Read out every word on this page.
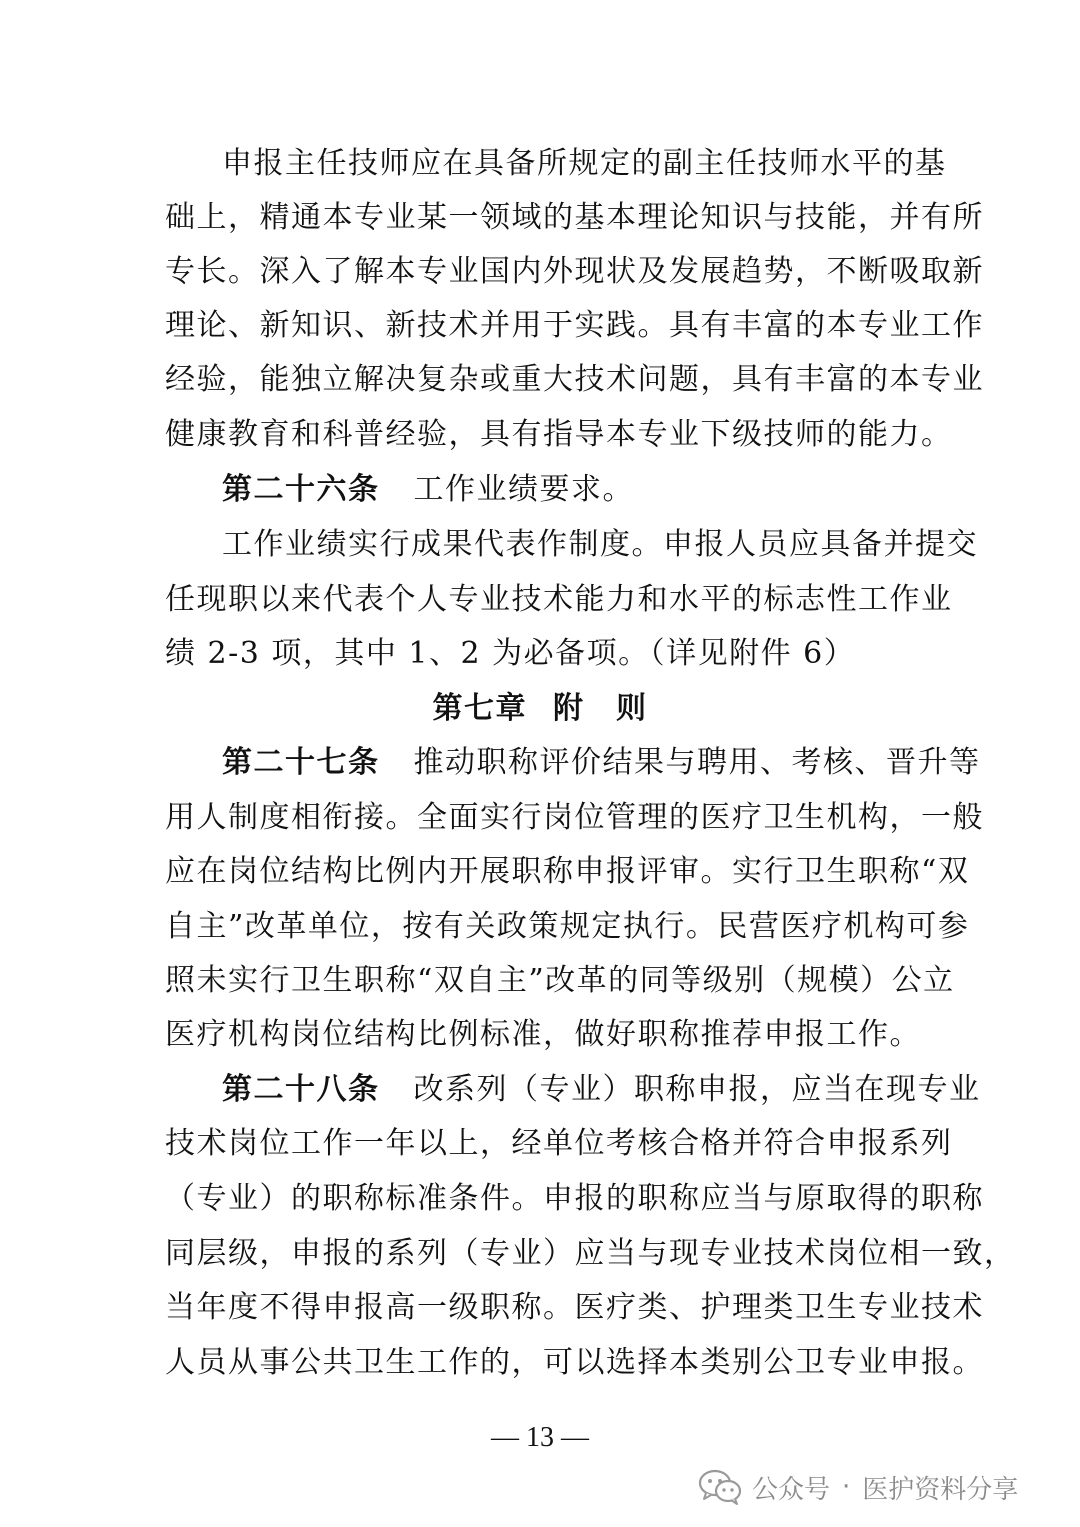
申报主任技师应在具备所规定的副主任技师水平的基
础上，精通本专业某一领域的基本理论知识与技能，并有所
专长。深入了解本专业国内外现状及发展趋势，不断吸取新
理论、新知识、新技术并用于实践。具有丰富的本专业工作
经验，能独立解决复杂或重大技术问题，具有丰富的本专业
健康教育和科普经验，具有指导本专业下级技师的能力。
第二十六条 工作业绩要求。
工作业绩实行成果代表作制度。申报人员应具备并提交
任现职以来代表个人专业技术能力和水平的标志性工作业
绩 2-3 项，其中 1、2 为必备项。（详见附件 6）
第七章 附　则
第二十七条 推动职称评价结果与聘用、考核、晋升等
用人制度相衔接。全面实行岗位管理的医疗卫生机构，一般
应在岗位结构比例内开展职称申报评审。实行卫生职称“双
自主”改革单位，按有关政策规定执行。民营医疗机构可参
照未实行卫生职称“双自主”改革的同等级别（规模）公立
医疗机构岗位结构比例标准，做好职称推荐申报工作。
第二十八条 改系列（专业）职称申报，应当在现专业
技术岗位工作一年以上，经单位考核合格并符合申报系列
（专业）的职称标准条件。申报的职称应当与原取得的职称
同层级，申报的系列（专业）应当与现专业技术岗位相一致，
当年度不得申报高一级职称。医疗类、护理类卫生专业技术
人员从事公共卫生工作的，可以选择本类别公卫专业申报。
— 13 —
公众号 · 医护资料分享
